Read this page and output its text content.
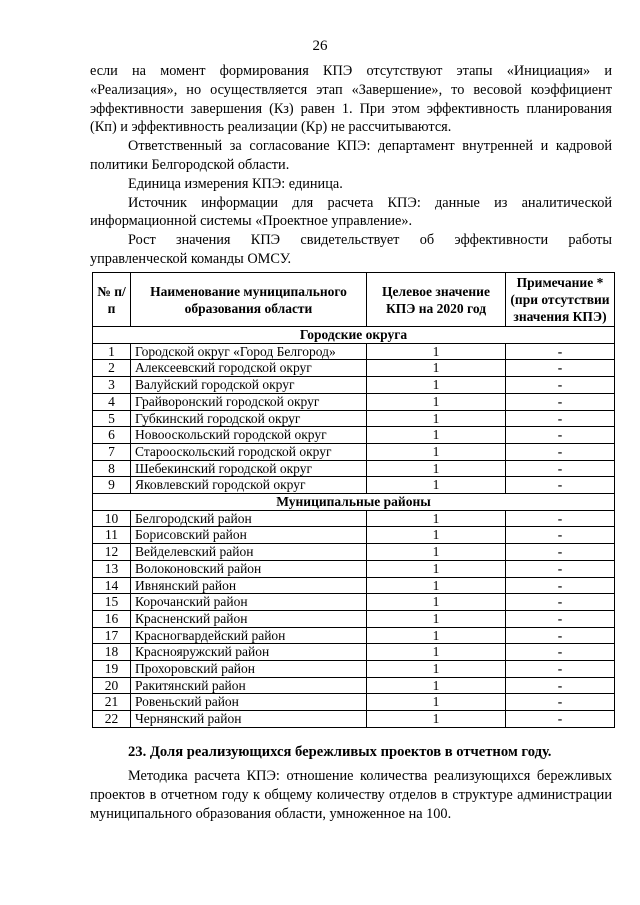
26

если на момент формирования КПЭ отсутствуют этапы «Инициация» и «Реализация», но осуществляется этап «Завершение», то весовой коэффициент эффективности завершения (Кз) равен 1. При этом эффективность планирования (Кп) и эффективность реализации (Кр) не рассчитываются.

Ответственный за согласование КПЭ: департамент внутренней и кадровой политики Белгородской области.

Единица измерения КПЭ: единица.

Источник информации для расчета КПЭ: данные из аналитической информационной системы «Проектное управление».

Рост значения КПЭ свидетельствует об эффективности работы управленческой команды ОМСУ.

№ п/п	Наименование муниципального образования области	Целевое значение КПЭ на 2020 год	Примечание * (при отсутствии значения КПЭ)
Городские округа			
1	Городской округ «Город Белгород»	1	-
2	Алексеевский городской округ	1	-
3	Валуйский городской округ	1	-
4	Грайворонский городской округ	1	-
5	Губкинский городской округ	1	-
6	Новооскольский городской округ	1	-
7	Старооскольский городской округ	1	-
8	Шебекинский городской округ	1	-
9	Яковлевский городской округ	1	-
Муниципальные районы			
10	Белгородский район	1	-
11	Борисовский район	1	-
12	Вейделевский район	1	-
13	Волоконовский район	1	-
14	Ивнянский район	1	-
15	Корочанский район	1	-
16	Красненский район	1	-
17	Красногвардейский район	1	-
18	Краснояружский район	1	-
19	Прохоровский район	1	-
20	Ракитянский район	1	-
21	Ровеньский район	1	-
22	Чернянский район	1	-

23. Доля реализующихся бережливых проектов в отчетном году.

Методика расчета КПЭ: отношение количества реализующихся бережливых проектов в отчетном году к общему количеству отделов в структуре администрации муниципального образования области, умноженное на 100.
